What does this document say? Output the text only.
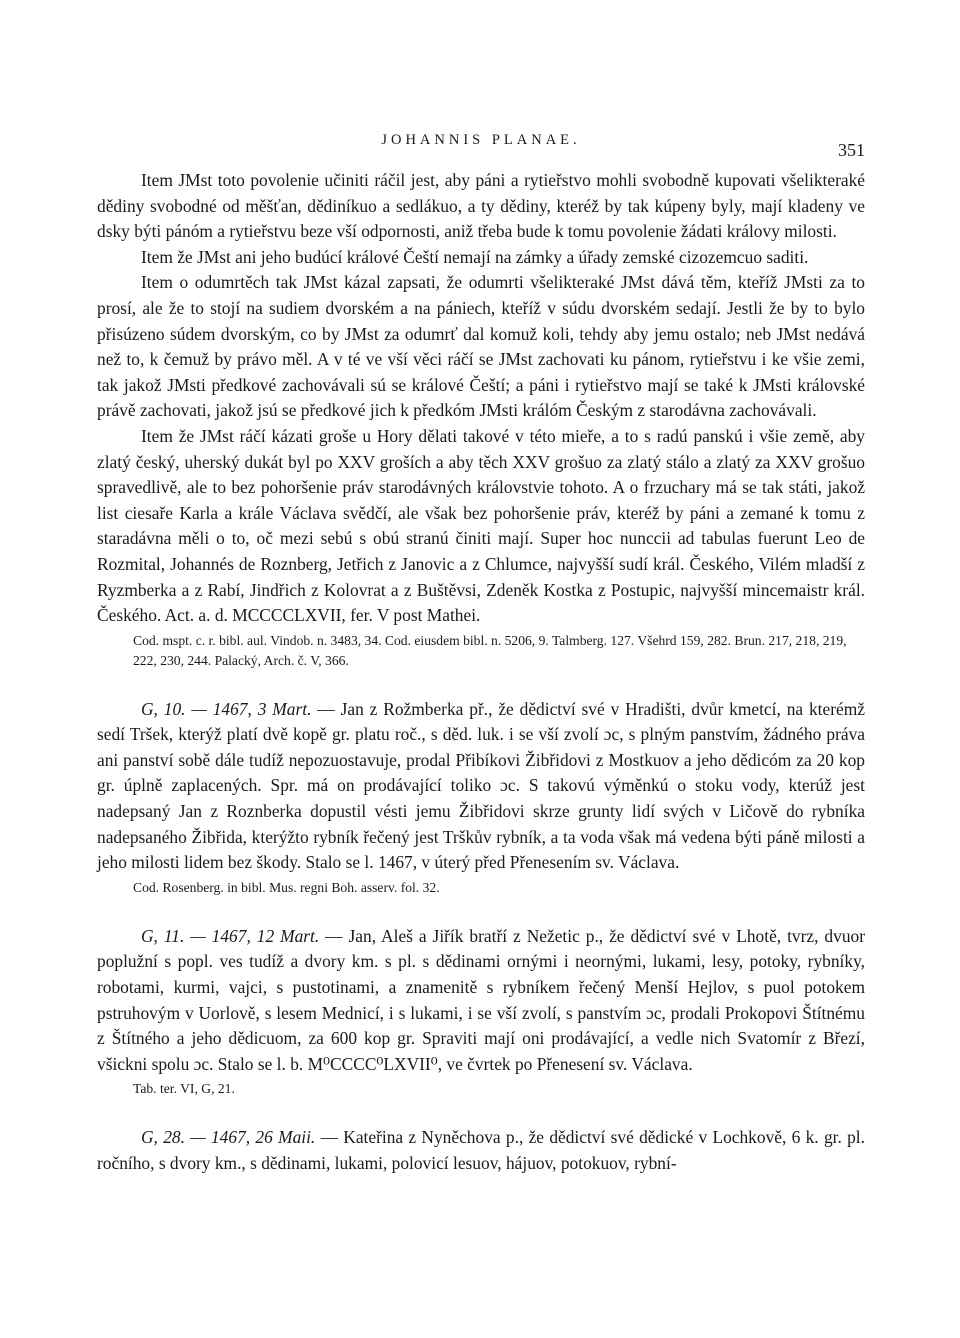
JOHANNIS PLANAE.	351

Item JMst toto povolenie učiniti ráčil jest, aby páni a rytieřstvo mohli svobodně kupovati všelikteraké dědiny svobodné od měšťan, dědiníkuo a sedlákuo, a ty dědiny, kteréž by tak kúpeny byly, mají kladeny ve dsky býti pánóm a rytieřstvu beze vší odpornosti, aniž třeba bude k tomu povolenie žádati královy milosti.

Item že JMst ani jeho budúcí králové Čeští nemají na zámky a úřady zemské cizozemcuo saditi.

Item o odumrtěch tak JMst kázal zapsati, že odumrti všelikteraké JMst dává těm, kteříž JMsti za to prosí, ale že to stojí na sudiem dvorském a na pániech, kteříž v súdu dvorském sedají. Jestli že by to bylo přisúzeno súdem dvorským, co by JMst za odumrť dal komuž koli, tehdy aby jemu ostalo; neb JMst nedává než to, k čemuž by právo měl. A v té ve vší věci ráčí se JMst zachovati ku pánom, rytieřstvu i ke všie zemi, tak jakož JMsti předkové zachovávali sú se králové Čeští; a páni i rytieřstvo mají se také k JMsti královské právě zachovati, jakož jsú se předkové jich k předkóm JMsti králóm Českým z starodávna zachovávali.

Item že JMst ráčí kázati groše u Hory dělati takové v této mieře, a to s radú panskú i všie země, aby zlatý český, uherský dukát byl po XXV groších a aby těch XXV grošuo za zlatý stálo a zlatý za XXV grošuo spravedlivě, ale to bez pohoršenie práv starodávných královstvie tohoto. A o frzuchary má se tak státi, jakož list ciesaře Karla a krále Václava svědčí, ale však bez pohoršenie práv, kteréž by páni a zemané k tomu z staradávna měli o to, oč mezi sebú s obú stranú činiti mají. Super hoc nunccii ad tabulas fuerunt Leo de Rozmital, Johannés de Roznberg, Jetřich z Janovic a z Chlumce, najvyšší sudí král. Českého, Vilém mladší z Ryzmberka a z Rabí, Jindřich z Kolovrat a z Buštěvsi, Zdeněk Kostka z Postupic, najvyšší mincemaistr král. Českého. Act. a. d. MCCCCLXVII, fer. V post Mathei.

Cod. mspt. c. r. bibl. aul. Vindob. n. 3483, 34. Cod. eiusdem bibl. n. 5206, 9. Talmberg. 127. Všehrd 159, 282. Brun. 217, 218, 219, 222, 230, 244. Palacký, Arch. č. V, 366.

G, 10. — 1467, 3 Mart. — Jan z Rožmberka př., že dědictví své v Hradišti, dvůr kmetcí, na kterémž sedí Tršek, kterýž platí dvě kopě gr. platu roč., s děd. luk. i se vší zvolí ɔc, s plným panstvím, žádného práva ani panství sobě dále tudíž nepozuostavuje, prodal Přibíkovi Žibřidovi z Mostkuov a jeho dědicóm za 20 kop gr. úplně zaplacených. Spr. má on prodávající toliko ɔc. S takovú výměnkú o stoku vody, kterúž jest nadepsaný Jan z Roznberka dopustil vésti jemu Žibřidovi skrze grunty lidí svých v Ličově do rybníka nadepsaného Žibřida, kterýžto rybník řečený jest Trškův rybník, a ta voda však má vedena býti páně milosti a jeho milosti lidem bez škody. Stalo se l. 1467, v úterý před Přenesením sv. Václava.

Cod. Rosenberg. in bibl. Mus. regni Boh. asserv. fol. 32.

G, 11. — 1467, 12 Mart. — Jan, Aleš a Jiřík bratří z Nežetic p., že dědictví své v Lhotě, tvrz, dvuor poplužní s popl. ves tudíž a dvory km. s pl. s dědinami ornými i neornými, lukami, lesy, potoky, rybníky, robotami, kurmi, vajci, s pustotinami, a znamenitě s rybníkem řečený Menší Hejlov, s puol potokem pstruhovým v Uorlově, s lesem Mednicí, i s lukami, i se vší zvolí, s panstvím ɔc, prodali Prokopovi Štítnému z Štítného a jeho dědicuom, za 600 kop gr. Spraviti mají oni prodávající, a vedle nich Svatomír z Březí, všickni spolu ɔc. Stalo se l. b. M⁰CCCC⁰LXVII⁰, ve čvrtek po Přenesení sv. Václava.

Tab. ter. VI, G, 21.

G, 28. — 1467, 26 Maii. — Kateřina z Nyněchova p., že dědictví své dědické v Lochkově, 6 k. gr. pl. ročního, s dvory km., s dědinami, lukami, polovicí lesuov, hájuov, potokuov, rybní-
